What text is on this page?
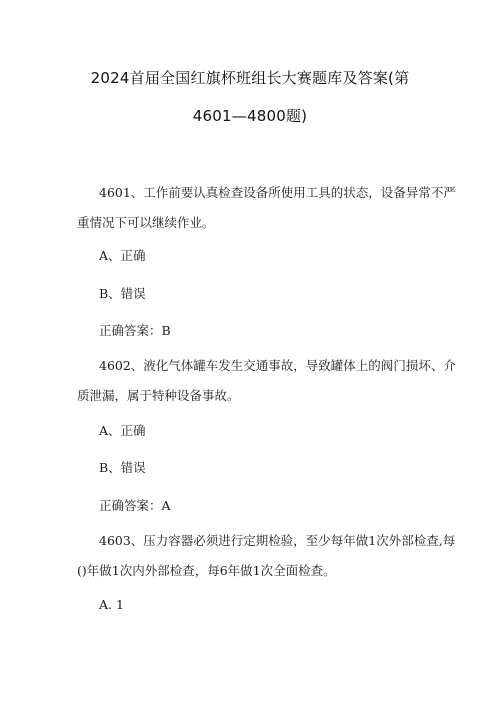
2024首届全国红旗杯班组长大赛题库及答案(第
4601—4800题)
4601、工作前要认真检查设备所使用工具的状态，设备异常不严
重情况下可以继续作业。
A、正确
B、错误
正确答案：B
4602、液化气体罐车发生交通事故，导致罐体上的阀门损坏、介
质泄漏，属于特种设备事故。
A、正确
B、错误
正确答案：A
4603、压力容器必须进行定期检验，至少每年做1次外部检查,每
()年做1次内外部检查，每6年做1次全面检查。
A. 1
